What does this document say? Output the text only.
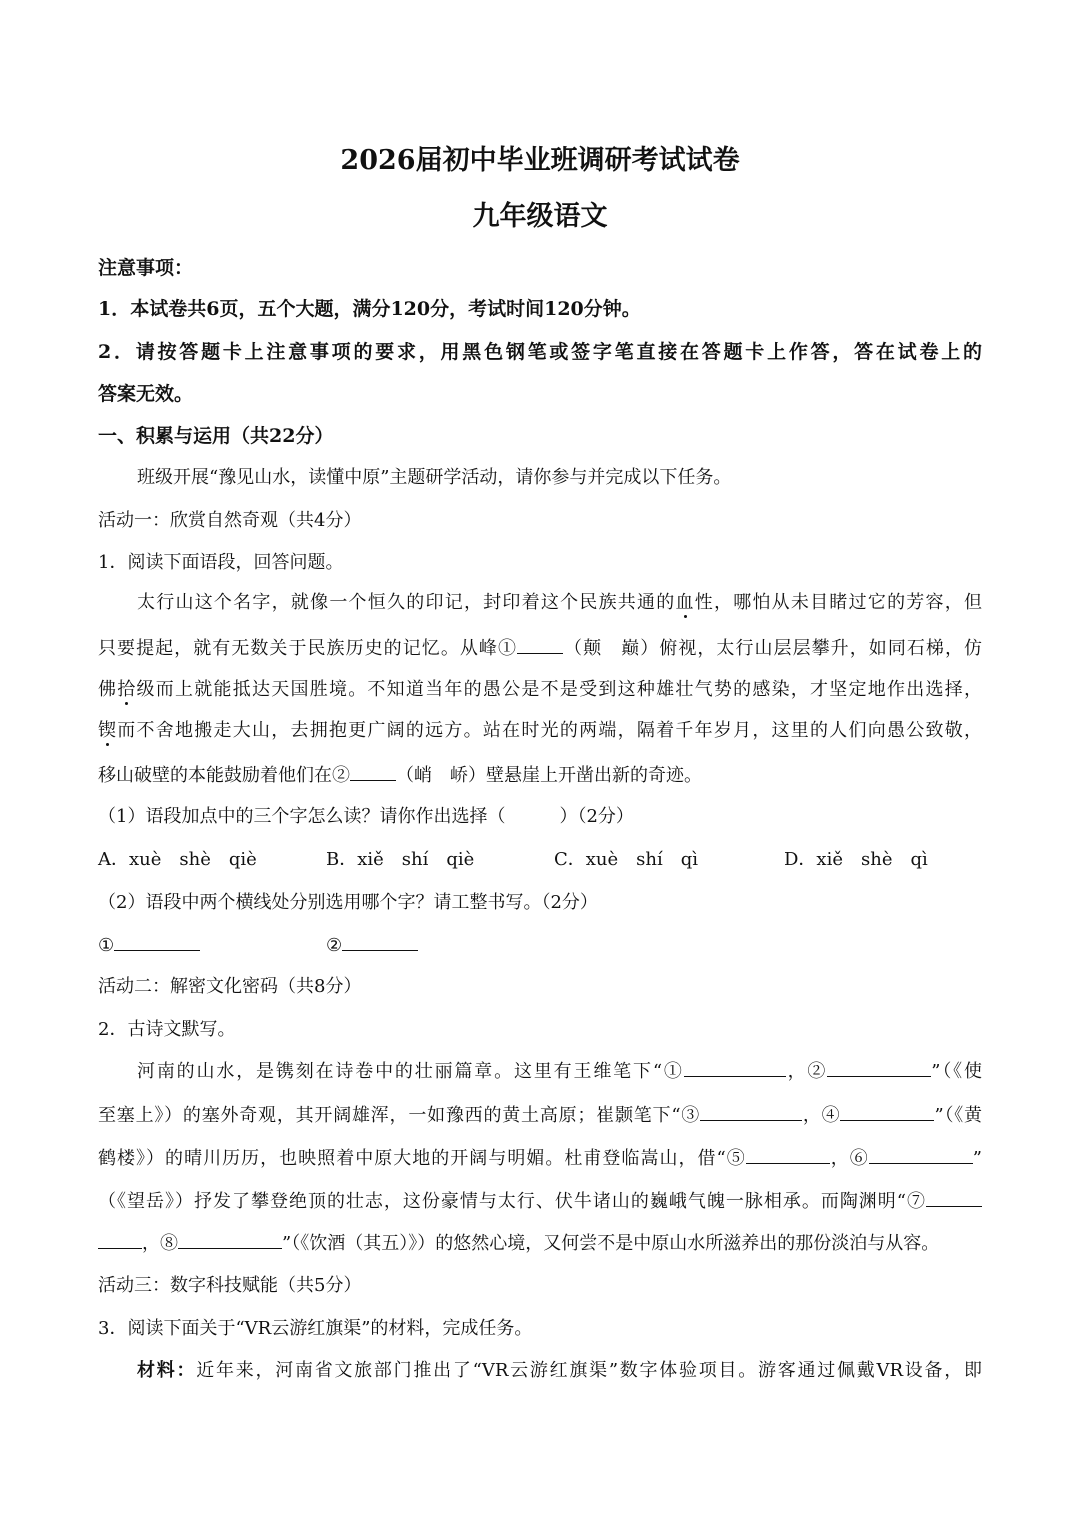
2026届初中毕业班调研考试试卷
九年级语文
注意事项：
1．本试卷共6页，五个大题，满分120分，考试时间120分钟。
2．请按答题卡上注意事项的要求，用黑色钢笔或签字笔直接在答题卡上作答，答在试卷上的
答案无效。
一、积累与运用（共22分）
班级开展“豫见山水，读懂中原”主题研学活动，请你参与并完成以下任务。
活动一：欣赏自然奇观（共4分）
1．阅读下面语段，回答问题。
太行山这个名字，就像一个恒久的印记，封印着这个民族共通的血性，哪怕从未目睹过它的芳容，但
只要提起，就有无数关于民族历史的记忆。从峰①	（颠　巅）俯视，太行山层层攀升，如同石梯，仿
佛拾级而上就能抵达天国胜境。不知道当年的愚公是不是受到这种雄壮气势的感染，才坚定地作出选择，
锲而不舍地搬走大山，去拥抱更广阔的远方。站在时光的两端，隔着千年岁月，这里的人们向愚公致敬，
移山破壁的本能鼓励着他们在②	（峭　峤）壁悬崖上开凿出新的奇迹。
（1）语段加点中的三个字怎么读？请你作出选择（　　　）（2分）
A．xuè　shè　qiè	B．xiě　shí　qiè	C．xuè　shí　qì	D．xiě　shè　qì
（2）语段中两个横线处分别选用哪个字？请工整书写。（2分）
①	②
活动二：解密文化密码（共8分）
2．古诗文默写。
河南的山水，是镌刻在诗卷中的壮丽篇章。这里有王维笔下“①	，②	”（《使
至塞上》）的塞外奇观，其开阔雄浑，一如豫西的黄土高原；崔颢笔下“③	，④	”（《黄
鹤楼》）的晴川历历，也映照着中原大地的开阔与明媚。杜甫登临嵩山，借“⑤	，⑥	”
（《望岳》）抒发了攀登绝顶的壮志，这份豪情与太行、伏牛诸山的巍峨气魄一脉相承。而陶渊明“⑦
，⑧	”（《饮酒（其五）》）的悠然心境，又何尝不是中原山水所滋养出的那份淡泊与从容。
活动三：数字科技赋能（共5分）
3．阅读下面关于“VR云游红旗渠”的材料，完成任务。
材料：近年来，河南省文旅部门推出了“VR云游红旗渠”数字体验项目。游客通过佩戴VR设备，即
